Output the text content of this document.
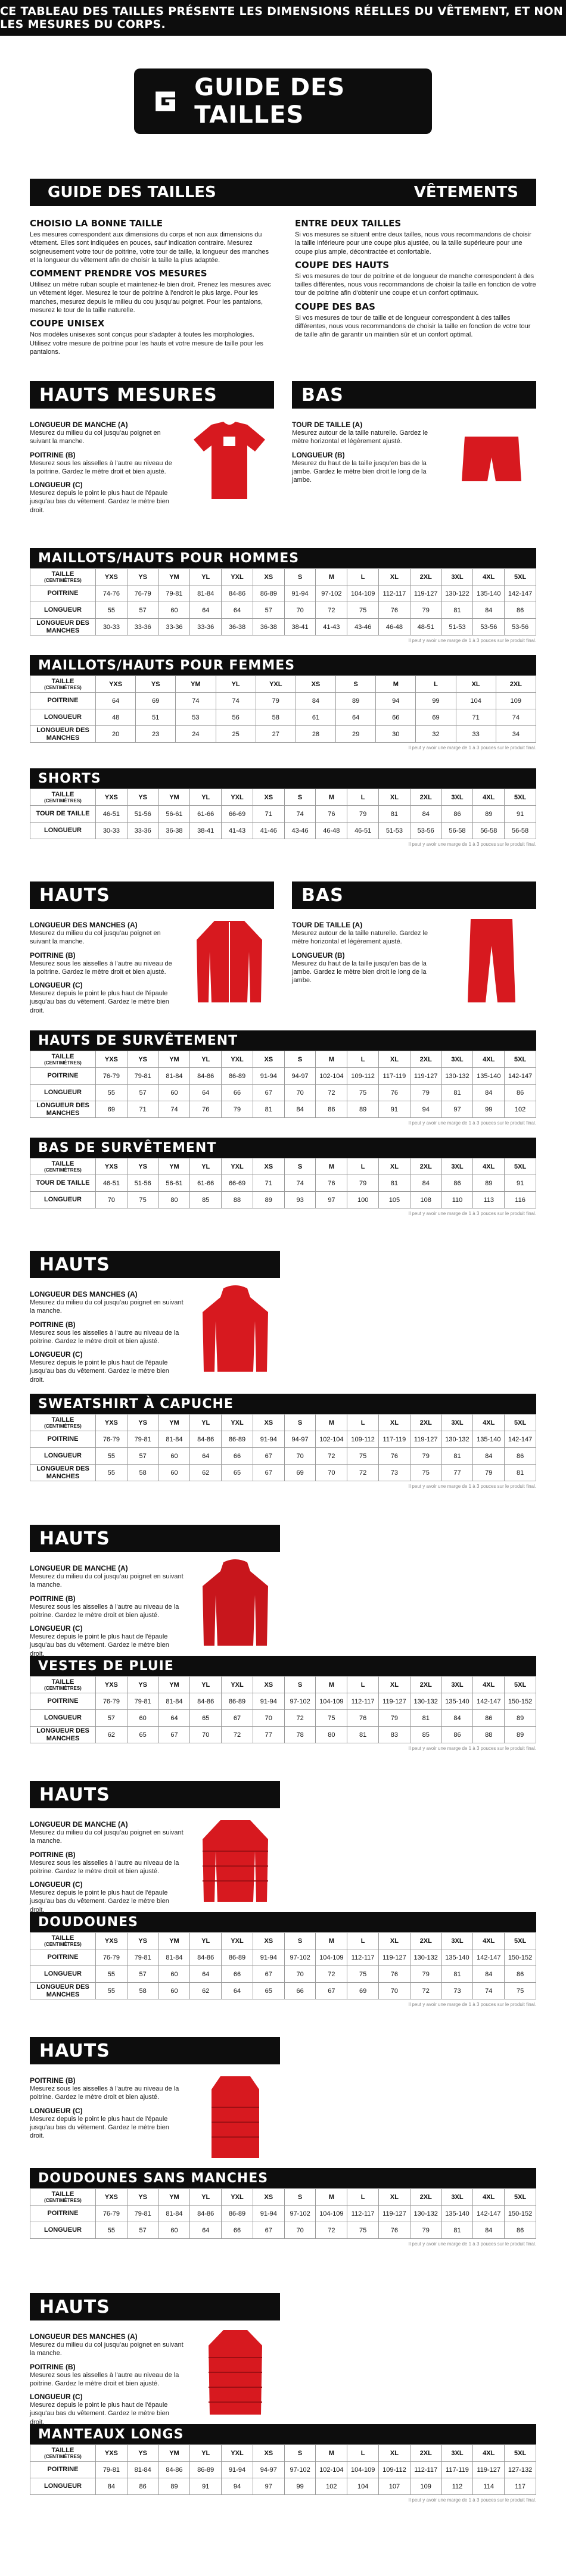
CE TABLEAU DES TAILLES PRÉSENTE LES DIMENSIONS RÉELLES DU VÊTEMENT, ET NON LES MESURES DU CORPS.
GUIDE DES TAILLES
GUIDE DES TAILLES	VÊTEMENTS
CHOISIO LA BONNE TAILLE

Les mesures correspondent aux dimensions du corps et non aux dimensions du vêtement. Elles sont indiquées en pouces, sauf indication contraire. Mesurez soigneusement votre tour de poitrine, votre tour de taille, la longueur des manches et la longueur du vêtement afin de choisir la taille la plus adaptée.

COMMENT PRENDRE VOS MESURES

Utilisez un mètre ruban souple et maintenez-le bien droit. Prenez les mesures avec un vêtement léger. Mesurez le tour de poitrine à l'endroit le plus large. Pour les manches, mesurez depuis le milieu du cou jusqu'au poignet. Pour les pantalons, mesurez le tour de la taille naturelle.

COUPE UNISEX

Nos modèles unisexes sont conçus pour s'adapter à toutes les morphologies. Utilisez votre mesure de poitrine pour les hauts et votre mesure de taille pour les pantalons.

ENTRE DEUX TAILLES

Si vos mesures se situent entre deux tailles, nous vous recommandons de choisir la taille inférieure pour une coupe plus ajustée, ou la taille supérieure pour une coupe plus ample, décontractée et confortable.

COUPE DES HAUTS

Si vos mesures de tour de poitrine et de longueur de manche correspondent à des tailles différentes, nous vous recommandons de choisir la taille en fonction de votre tour de poitrine afin d'obtenir une coupe et un confort optimaux.

COUPE DES BAS

Si vos mesures de tour de taille et de longueur correspondent à des tailles différentes, nous vous recommandons de choisir la taille en fonction de votre tour de taille afin de garantir un maintien sûr et un confort optimal.

HAUTS MESURES
LONGUEUR DE MANCHE (A)

Mesurez du milieu du col jusqu'au poignet en suivant la manche.

POITRINE (B)

Mesurez sous les aisselles à l'autre au niveau de la poitrine. Gardez le mètre droit et bien ajusté.

LONGUEUR (C)

Mesurez depuis le point le plus haut de l'épaule jusqu'au bas du vêtement. Gardez le mètre bien droit.

BAS
TOUR DE TAILLE (A)

Mesurez autour de la taille naturelle. Gardez le mètre horizontal et légèrement ajusté.

LONGUEUR (B)

Mesurez du haut de la taille jusqu'en bas de la jambe. Gardez le mètre bien droit le long de la jambe.

MAILLOTS/HAUTS POUR HOMMES
TAILLE
(CENTIMÈTRES)	YXS	YS	YM	YL	YXL	XS	S	M	L	XL	2XL	3XL	4XL	5XL
POITRINE	74-76	76-79	79-81	81-84	84-86	86-89	91-94	97-102	104-109	112-117	119-127	130-122	135-140	142-147
LONGUEUR	55	57	60	64	64	57	70	72	75	76	79	81	84	86
LONGUEUR DES MANCHES	30-33	33-36	33-36	33-36	36-38	36-38	38-41	41-43	43-46	46-48	48-51	51-53	53-56	53-56
Il peut y avoir une marge de 1 à 3 pouces sur le produit final.
MAILLOTS/HAUTS POUR FEMMES
TAILLE
(CENTIMÈTRES)	YXS	YS	YM	YL	YXL	XS	S	M	L	XL	2XL
POITRINE	64	69	74	74	79	84	89	94	99	104	109
LONGUEUR	48	51	53	56	58	61	64	66	69	71	74
LONGUEUR DES MANCHES	20	23	24	25	27	28	29	30	32	33	34
Il peut y avoir une marge de 1 à 3 pouces sur le produit final.
SHORTS
TAILLE
(CENTIMÈTRES)	YXS	YS	YM	YL	YXL	XS	S	M	L	XL	2XL	3XL	4XL	5XL
TOUR DE TAILLE	46-51	51-56	56-61	61-66	66-69	71	74	76	79	81	84	86	89	91
LONGUEUR	30-33	33-36	36-38	38-41	41-43	41-46	43-46	46-48	46-51	51-53	53-56	56-58	56-58	56-58
Il peut y avoir une marge de 1 à 3 pouces sur le produit final.
HAUTS DE SURVÊTEMENT
TAILLE
(CENTIMÈTRES)	YXS	YS	YM	YL	YXL	XS	S	M	L	XL	2XL	3XL	4XL	5XL
POITRINE	76-79	79-81	81-84	84-86	86-89	91-94	94-97	102-104	109-112	117-119	119-127	130-132	135-140	142-147
LONGUEUR	55	57	60	64	66	67	70	72	75	76	79	81	84	86
LONGUEUR DES MANCHES	69	71	74	76	79	81	84	86	89	91	94	97	99	102
Il peut y avoir une marge de 1 à 3 pouces sur le produit final.
BAS DE SURVÊTEMENT
TAILLE
(CENTIMÈTRES)	YXS	YS	YM	YL	YXL	XS	S	M	L	XL	2XL	3XL	4XL	5XL
TOUR DE TAILLE	46-51	51-56	56-61	61-66	66-69	71	74	76	79	81	84	86	89	91
LONGUEUR	70	75	80	85	88	89	93	97	100	105	108	110	113	116
Il peut y avoir une marge de 1 à 3 pouces sur le produit final.
SWEATSHIRT À CAPUCHE
TAILLE
(CENTIMÈTRES)	YXS	YS	YM	YL	YXL	XS	S	M	L	XL	2XL	3XL	4XL	5XL
POITRINE	76-79	79-81	81-84	84-86	86-89	91-94	94-97	102-104	109-112	117-119	119-127	130-132	135-140	142-147
LONGUEUR	55	57	60	64	66	67	70	72	75	76	79	81	84	86
LONGUEUR DES MANCHES	55	58	60	62	65	67	69	70	72	73	75	77	79	81
Il peut y avoir une marge de 1 à 3 pouces sur le produit final.
VESTES DE PLUIE
TAILLE
(CENTIMÈTRES)	YXS	YS	YM	YL	YXL	XS	S	M	L	XL	2XL	3XL	4XL	5XL
POITRINE	76-79	79-81	81-84	84-86	86-89	91-94	97-102	104-109	112-117	119-127	130-132	135-140	142-147	150-152
LONGUEUR	57	60	64	65	67	70	72	75	76	79	81	84	86	89
LONGUEUR DES MANCHES	62	65	67	70	72	77	78	80	81	83	85	86	88	89
Il peut y avoir une marge de 1 à 3 pouces sur le produit final.
DOUDOUNES
TAILLE
(CENTIMÈTRES)	YXS	YS	YM	YL	YXL	XS	S	M	L	XL	2XL	3XL	4XL	5XL
POITRINE	76-79	79-81	81-84	84-86	86-89	91-94	97-102	104-109	112-117	119-127	130-132	135-140	142-147	150-152
LONGUEUR	55	57	60	64	66	67	70	72	75	76	79	81	84	86
LONGUEUR DES MANCHES	55	58	60	62	64	65	66	67	69	70	72	73	74	75
Il peut y avoir une marge de 1 à 3 pouces sur le produit final.
DOUDOUNES SANS MANCHES
TAILLE
(CENTIMÈTRES)	YXS	YS	YM	YL	YXL	XS	S	M	L	XL	2XL	3XL	4XL	5XL
POITRINE	76-79	79-81	81-84	84-86	86-89	91-94	97-102	104-109	112-117	119-127	130-132	135-140	142-147	150-152
LONGUEUR	55	57	60	64	66	67	70	72	75	76	79	81	84	86
Il peut y avoir une marge de 1 à 3 pouces sur le produit final.
MANTEAUX LONGS
TAILLE
(CENTIMÈTRES)	YXS	YS	YM	YL	YXL	XS	S	M	L	XL	2XL	3XL	4XL	5XL
POITRINE	79-81	81-84	84-86	86-89	91-94	94-97	97-102	102-104	104-109	109-112	112-117	117-119	119-127	127-132
LONGUEUR	84	86	89	91	94	97	99	102	104	107	109	112	114	117
Il peut y avoir une marge de 1 à 3 pouces sur le produit final.
HAUTS
LONGUEUR DES MANCHES (A)

Mesurez du milieu du col jusqu'au poignet en suivant la manche.

POITRINE (B)

Mesurez sous les aisselles à l'autre au niveau de la poitrine. Gardez le mètre droit et bien ajusté.

LONGUEUR (C)

Mesurez depuis le point le plus haut de l'épaule jusqu'au bas du vêtement. Gardez le mètre bien droit.

BAS
TOUR DE TAILLE (A)

Mesurez autour de la taille naturelle. Gardez le mètre horizontal et légèrement ajusté.

LONGUEUR (B)

Mesurez du haut de la taille jusqu'en bas de la jambe. Gardez le mètre bien droit le long de la jambe.

HAUTS
LONGUEUR DES MANCHES (A)

Mesurez du milieu du col jusqu'au poignet en suivant la manche.

POITRINE (B)

Mesurez sous les aisselles à l'autre au niveau de la poitrine. Gardez le mètre droit et bien ajusté.

LONGUEUR (C)

Mesurez depuis le point le plus haut de l'épaule jusqu'au bas du vêtement. Gardez le mètre bien droit.

HAUTS
LONGUEUR DE MANCHE (A)

Mesurez du milieu du col jusqu'au poignet en suivant la manche.

POITRINE (B)

Mesurez sous les aisselles à l'autre au niveau de la poitrine. Gardez le mètre droit et bien ajusté.

LONGUEUR (C)

Mesurez depuis le point le plus haut de l'épaule jusqu'au bas du vêtement. Gardez le mètre bien droit.

HAUTS
LONGUEUR DE MANCHE (A)

Mesurez du milieu du col jusqu'au poignet en suivant la manche.

POITRINE (B)

Mesurez sous les aisselles à l'autre au niveau de la poitrine. Gardez le mètre droit et bien ajusté.

LONGUEUR (C)

Mesurez depuis le point le plus haut de l'épaule jusqu'au bas du vêtement. Gardez le mètre bien droit.

HAUTS
POITRINE (B)

Mesurez sous les aisselles à l'autre au niveau de la poitrine. Gardez le mètre droit et bien ajusté.

LONGUEUR (C)

Mesurez depuis le point le plus haut de l'épaule jusqu'au bas du vêtement. Gardez le mètre bien droit.

HAUTS
LONGUEUR DES MANCHES (A)

Mesurez du milieu du col jusqu'au poignet en suivant la manche.

POITRINE (B)

Mesurez sous les aisselles à l'autre au niveau de la poitrine. Gardez le mètre droit et bien ajusté.

LONGUEUR (C)

Mesurez depuis le point le plus haut de l'épaule jusqu'au bas du vêtement. Gardez le mètre bien droit.
